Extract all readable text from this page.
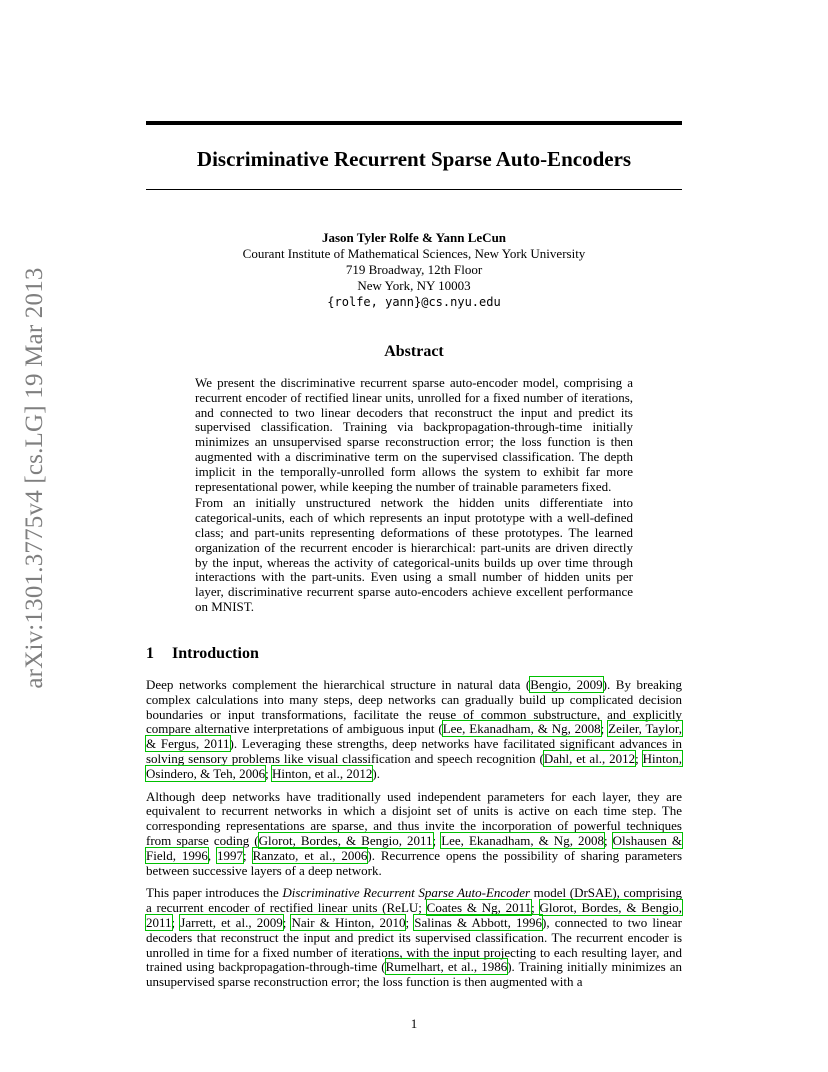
arXiv:1301.3775v4 [cs.LG] 19 Mar 2013
Discriminative Recurrent Sparse Auto-Encoders
Jason Tyler Rolfe & Yann LeCun
Courant Institute of Mathematical Sciences, New York University
719 Broadway, 12th Floor
New York, NY 10003
{rolfe, yann}@cs.nyu.edu
Abstract

We present the discriminative recurrent sparse auto-encoder model, comprising a recurrent encoder of rectified linear units, unrolled for a fixed number of iterations, and connected to two linear decoders that reconstruct the input and predict its supervised classification. Training via backpropagation-through-time initially minimizes an unsupervised sparse reconstruction error; the loss function is then augmented with a discriminative term on the supervised classification. The depth implicit in the temporally-unrolled form allows the system to exhibit far more representational power, while keeping the number of trainable parameters fixed.

From an initially unstructured network the hidden units differentiate into categorical-units, each of which represents an input prototype with a well-defined class; and part-units representing deformations of these prototypes. The learned organization of the recurrent encoder is hierarchical: part-units are driven directly by the input, whereas the activity of categorical-units builds up over time through interactions with the part-units. Even using a small number of hidden units per layer, discriminative recurrent sparse auto-encoders achieve excellent performance on MNIST.

1 Introduction

Deep networks complement the hierarchical structure in natural data (Bengio, 2009). By breaking complex calculations into many steps, deep networks can gradually build up complicated decision boundaries or input transformations, facilitate the reuse of common substructure, and explicitly compare alternative interpretations of ambiguous input (Lee, Ekanadham, & Ng, 2008; Zeiler, Taylor, & Fergus, 2011). Leveraging these strengths, deep networks have facilitated significant advances in solving sensory problems like visual classification and speech recognition (Dahl, et al., 2012; Hinton, Osindero, & Teh, 2006; Hinton, et al., 2012).

Although deep networks have traditionally used independent parameters for each layer, they are equivalent to recurrent networks in which a disjoint set of units is active on each time step. The corresponding representations are sparse, and thus invite the incorporation of powerful techniques from sparse coding (Glorot, Bordes, & Bengio, 2011; Lee, Ekanadham, & Ng, 2008; Olshausen & Field, 1996, 1997; Ranzato, et al., 2006). Recurrence opens the possibility of sharing parameters between successive layers of a deep network.

This paper introduces the Discriminative Recurrent Sparse Auto-Encoder model (DrSAE), comprising a recurrent encoder of rectified linear units (ReLU; Coates & Ng, 2011; Glorot, Bordes, & Bengio, 2011; Jarrett, et al., 2009; Nair & Hinton, 2010; Salinas & Abbott, 1996), connected to two linear decoders that reconstruct the input and predict its supervised classification. The recurrent encoder is unrolled in time for a fixed number of iterations, with the input projecting to each resulting layer, and trained using backpropagation-through-time (Rumelhart, et al., 1986). Training initially minimizes an unsupervised sparse reconstruction error; the loss function is then augmented with a

1
